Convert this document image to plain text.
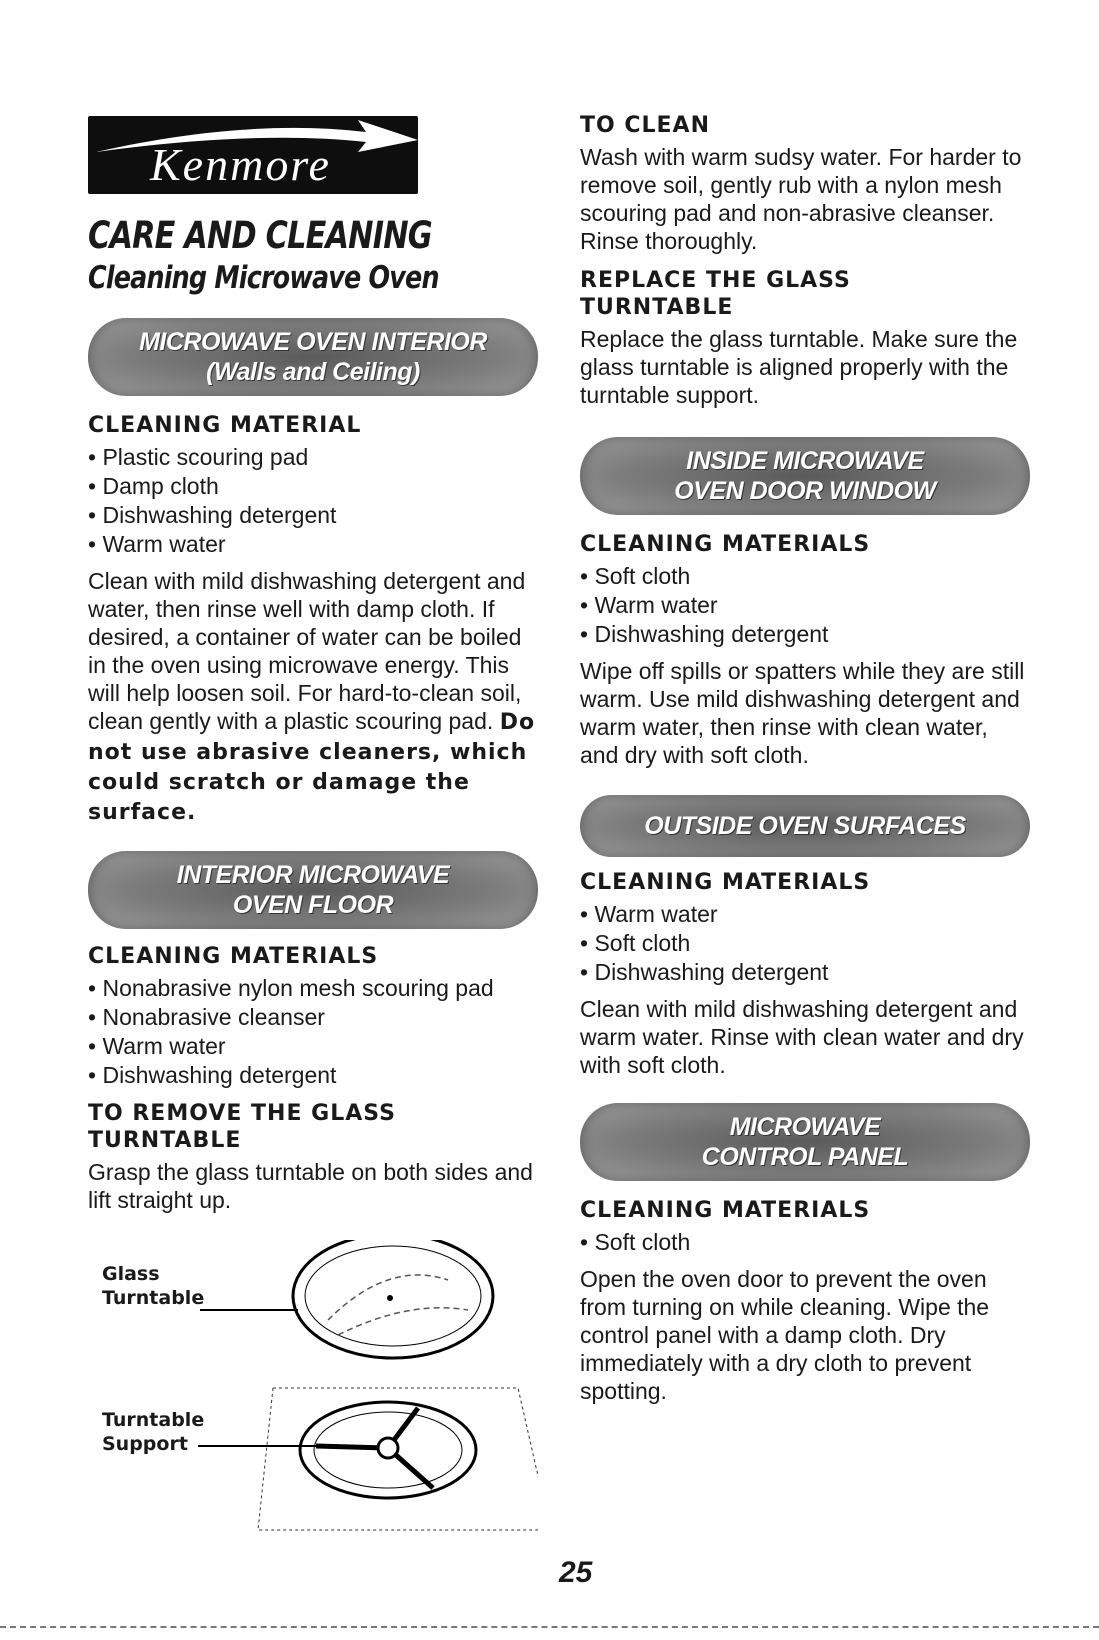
Kenmore
CARE AND CLEANING
Cleaning Microwave Oven
MICROWAVE OVEN INTERIOR
(Walls and Ceiling)
CLEANING MATERIAL
• Plastic scouring pad
• Damp cloth
• Dishwashing detergent
• Warm water

Clean with mild dishwashing detergent and water, then rinse well with damp cloth. If desired, a container of water can be boiled in the oven using microwave energy. This will help loosen soil. For hard-to-clean soil, clean gently with a plastic scouring pad. Do not use abrasive cleaners, which could scratch or damage the surface.

INTERIOR MICROWAVE
OVEN FLOOR
CLEANING MATERIALS
• Nonabrasive nylon mesh scouring pad
• Nonabrasive cleanser
• Warm water
• Dishwashing detergent
TO REMOVE THE GLASS TURNTABLE

Grasp the glass turntable on both sides and lift straight up.

Glass
Turntable
Turntable
Support
TO CLEAN

Wash with warm sudsy water. For harder to remove soil, gently rub with a nylon mesh scouring pad and non-abrasive cleanser. Rinse thoroughly.

REPLACE THE GLASS TURNTABLE

Replace the glass turntable. Make sure the glass turntable is aligned properly with the turntable support.

INSIDE MICROWAVE
OVEN DOOR WINDOW
CLEANING MATERIALS
• Soft cloth
• Warm water
• Dishwashing detergent

Wipe off spills or spatters while they are still warm. Use mild dishwashing detergent and warm water, then rinse with clean water, and dry with soft cloth.

OUTSIDE OVEN SURFACES
CLEANING MATERIALS
• Warm water
• Soft cloth
• Dishwashing detergent

Clean with mild dishwashing detergent and warm water. Rinse with clean water and dry with soft cloth.

MICROWAVE
CONTROL PANEL
CLEANING MATERIALS
• Soft cloth

Open the oven door to prevent the oven from turning on while cleaning. Wipe the control panel with a damp cloth. Dry immediately with a dry cloth to prevent spotting.

25
